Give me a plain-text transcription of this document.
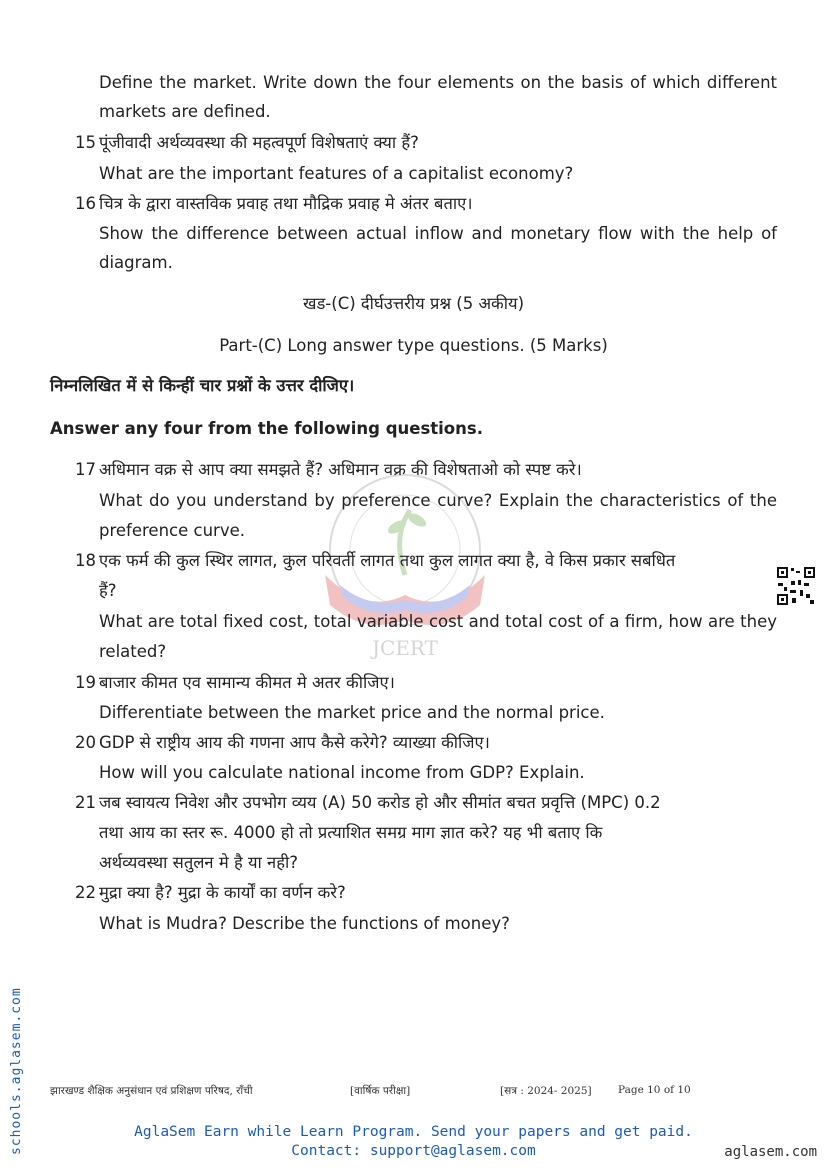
JCERT
Define the market. Write down the four elements on the basis of which different
markets are defined.
15 पूंजीवादी अर्थव्यवस्था की महत्वपूर्ण विशेषताएं क्या हैं?
What are the important features of a capitalist economy?
16 चित्र के द्वारा वास्तविक प्रवाह तथा मौद्रिक प्रवाह मे अंतर बताए।
Show the difference between actual inflow and monetary flow with the help of
diagram.
खड-(C) दीर्घउत्तरीय प्रश्न (5 अकीय)
Part-(C) Long answer type questions. (5 Marks)
निम्नलिखित में से किन्हीं चार प्रश्नों के उत्तर दीजिए।
Answer any four from the following questions.
17 अधिमान वक्र से आप क्या समझते हैं? अधिमान वक्र की विशेषताओ को स्पष्ट करे।
What do you understand by preference curve? Explain the characteristics of the
preference curve.
18 एक फर्म की कुल स्थिर लागत, कुल परिवर्ती लागत तथा कुल लागत क्या है, वे किस प्रकार सबधित
हैं?
What are total fixed cost, total variable cost and total cost of a firm, how are they
related?
19 बाजार कीमत एव सामान्य कीमत मे अतर कीजिए।
Differentiate between the market price and the normal price.
20 GDP से राष्ट्रीय आय की गणना आप कैसे करेगे? व्याख्या कीजिए।
How will you calculate national income from GDP? Explain.
21 जब स्वायत्य निवेश और उपभोग व्यय (A) 50 करोड हो और सीमांत बचत प्रवृत्ति (MPC) 0.2
तथा आय का स्तर रू. 4000 हो तो प्रत्याशित समग्र माग ज्ञात करे? यह भी बताए कि
अर्थव्यवस्था सतुलन मे है या नही?
22 मुद्रा क्या है? मुद्रा के कार्यों का वर्णन करे?
What is Mudra? Describe the functions of money?
झारखण्ड शैक्षिक अनुसंधान एवं प्रशिक्षण परिषद, राँची	[वार्षिक परीक्षा]	[सत्र : 2024- 2025]	Page 10 of 10
schools.aglasem.com	AglaSem Earn while Learn Program. Send your papers and get paid.
Contact: support@aglasem.com	aglasem.com
